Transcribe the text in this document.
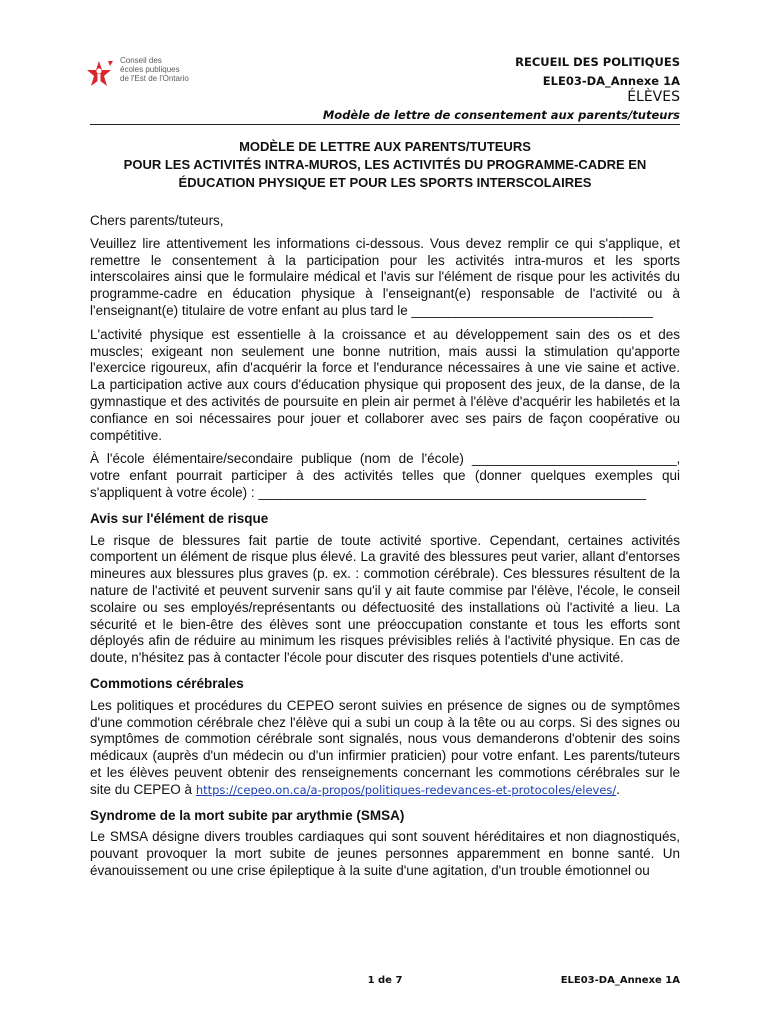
Conseil des
écoles publiques
de l'Est de l'Ontario
RECUEIL DES POLITIQUES
ELE03-DA_Annexe 1A
ÉLÈVES
Modèle de lettre de consentement aux parents/tuteurs
MODÈLE DE LETTRE AUX PARENTS/TUTEURS
POUR LES ACTIVITÉS INTRA-MUROS, LES ACTIVITÉS DU PROGRAMME-CADRE EN
ÉDUCATION PHYSIQUE ET POUR LES SPORTS INTERSCOLAIRES

Chers parents/tuteurs,

Veuillez lire attentivement les informations ci-dessous. Vous devez remplir ce qui s'applique, et remettre le consentement à la participation pour les activités intra-muros et les sports interscolaires ainsi que le formulaire médical et l'avis sur l'élément de risque pour les activités du programme-cadre en éducation physique à l'enseignant(e) responsable de l'activité ou à l'enseignant(e) titulaire de votre enfant au plus tard le _________________________________

L'activité physique est essentielle à la croissance et au développement sain des os et des muscles; exigeant non seulement une bonne nutrition, mais aussi la stimulation qu'apporte l'exercice rigoureux, afin d'acquérir la force et l'endurance nécessaires à une vie saine et active. La participation active aux cours d'éducation physique qui proposent des jeux, de la danse, de la gymnastique et des activités de poursuite en plein air permet à l'élève d'acquérir les habiletés et la confiance en soi nécessaires pour jouer et collaborer avec ses pairs de façon coopérative ou compétitive.

À l'école élémentaire/secondaire publique (nom de l'école) ____________________________, votre enfant pourrait participer à des activités telles que (donner quelques exemples qui s'appliquent à votre école) : _____________________________________________________

Avis sur l'élément de risque

Le risque de blessures fait partie de toute activité sportive. Cependant, certaines activités comportent un élément de risque plus élevé. La gravité des blessures peut varier, allant d'entorses mineures aux blessures plus graves (p. ex. : commotion cérébrale). Ces blessures résultent de la nature de l'activité et peuvent survenir sans qu'il y ait faute commise par l'élève, l'école, le conseil scolaire ou ses employés/représentants ou défectuosité des installations où l'activité a lieu. La sécurité et le bien-être des élèves sont une préoccupation constante et tous les efforts sont déployés afin de réduire au minimum les risques prévisibles reliés à l'activité physique. En cas de doute, n'hésitez pas à contacter l'école pour discuter des risques potentiels d'une activité.

Commotions cérébrales

Les politiques et procédures du CEPEO seront suivies en présence de signes ou de symptômes d'une commotion cérébrale chez l'élève qui a subi un coup à la tête ou au corps. Si des signes ou symptômes de commotion cérébrale sont signalés, nous vous demanderons d'obtenir des soins médicaux (auprès d'un médecin ou d'un infirmier praticien) pour votre enfant. Les parents/tuteurs et les élèves peuvent obtenir des renseignements concernant les commotions cérébrales sur le site du CEPEO à https://cepeo.on.ca/a-propos/politiques-redevances-et-protocoles/eleves/.

Syndrome de la mort subite par arythmie (SMSA)

Le SMSA désigne divers troubles cardiaques qui sont souvent héréditaires et non diagnostiqués, pouvant provoquer la mort subite de jeunes personnes apparemment en bonne santé. Un évanouissement ou une crise épileptique à la suite d'une agitation, d'un trouble émotionnel ou

1 de 7	ELE03-DA_Annexe 1A
